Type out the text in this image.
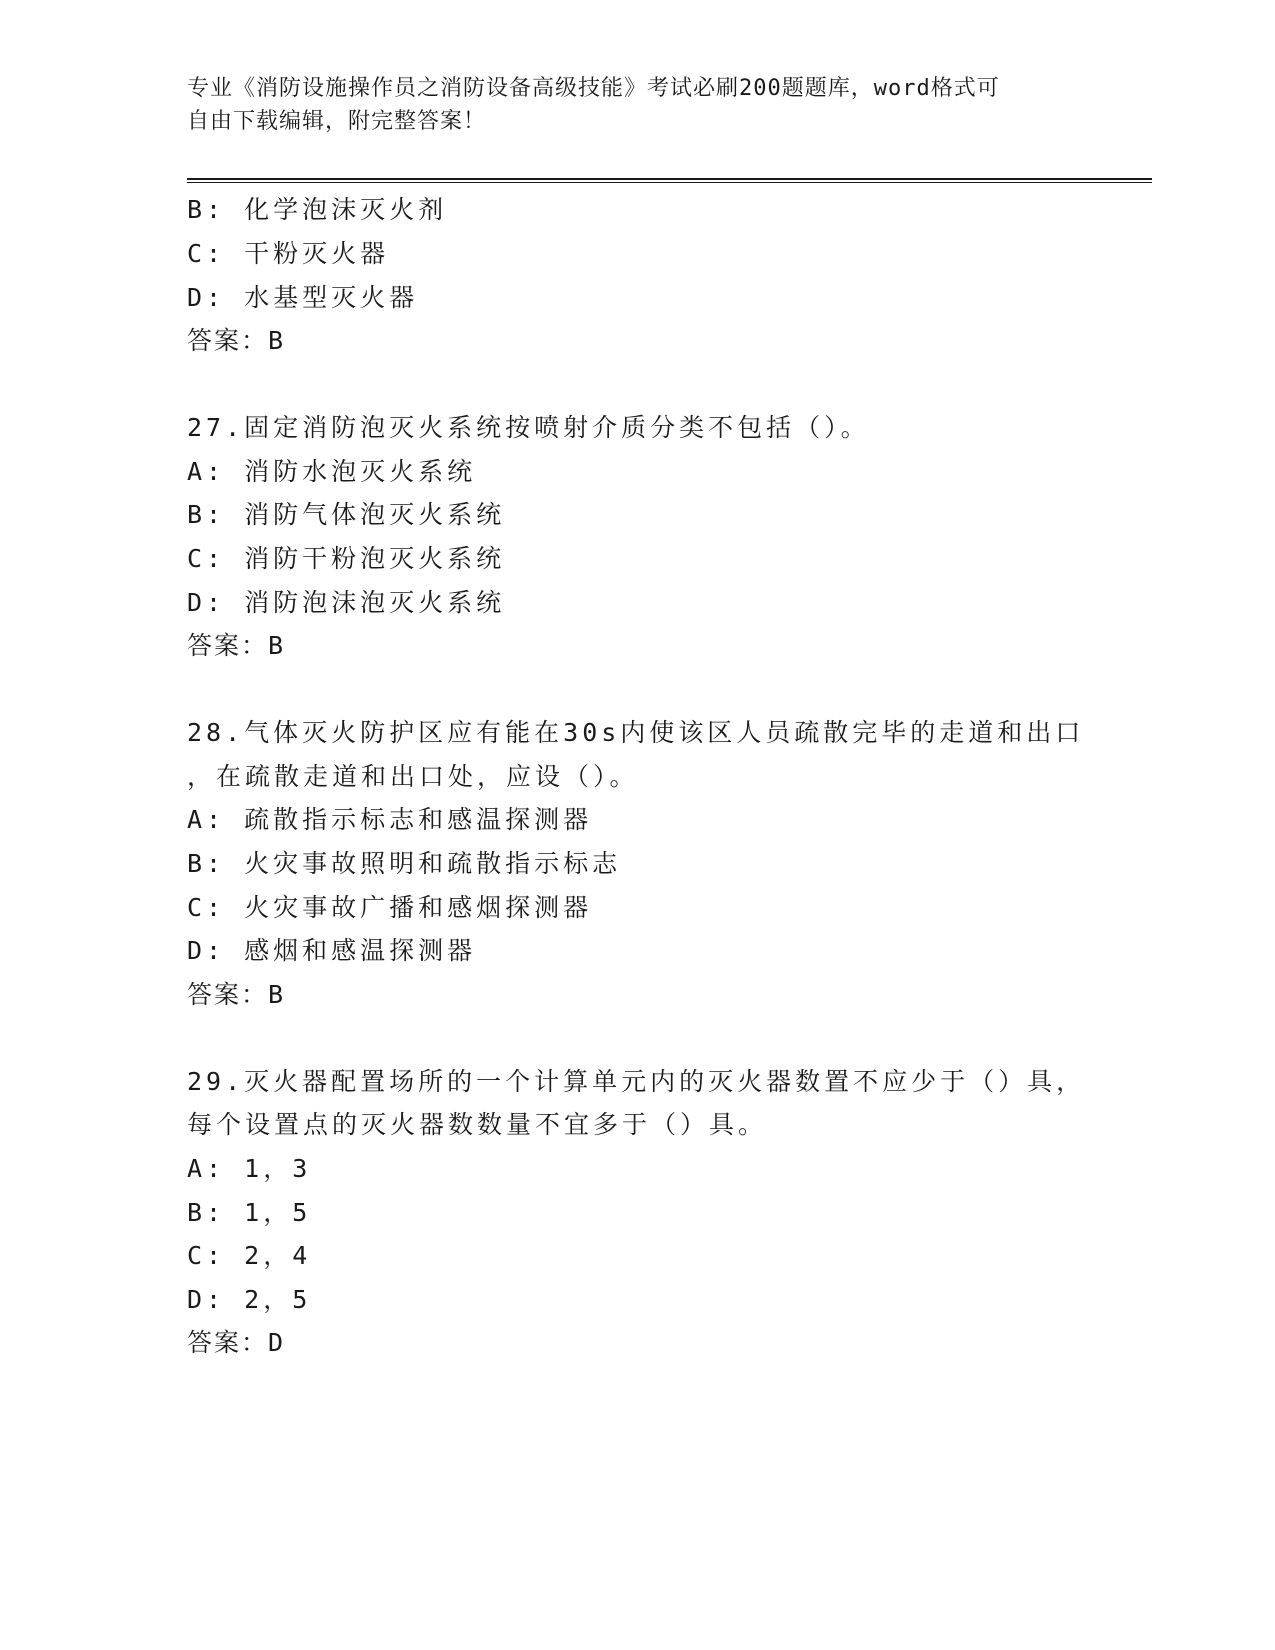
专业《消防设施操作员之消防设备高级技能》考试必刷200题题库，word格式可
自由下载编辑，附完整答案！
B: 化学泡沫灭火剂
C: 干粉灭火器
D: 水基型灭火器
答案：B
27.固定消防泡灭火系统按喷射介质分类不包括（）。
A: 消防水泡灭火系统
B: 消防气体泡灭火系统
C: 消防干粉泡灭火系统
D: 消防泡沫泡灭火系统
答案：B
28.气体灭火防护区应有能在30s内使该区人员疏散完毕的走道和出口
，在疏散走道和出口处，应设（）。
A: 疏散指示标志和感温探测器
B: 火灾事故照明和疏散指示标志
C: 火灾事故广播和感烟探测器
D: 感烟和感温探测器
答案：B
29.灭火器配置场所的一个计算单元内的灭火器数置不应少于（）具，
每个设置点的灭火器数数量不宜多于（）具。
A: 1，3
B: 1，5
C: 2，4
D: 2，5
答案：D
